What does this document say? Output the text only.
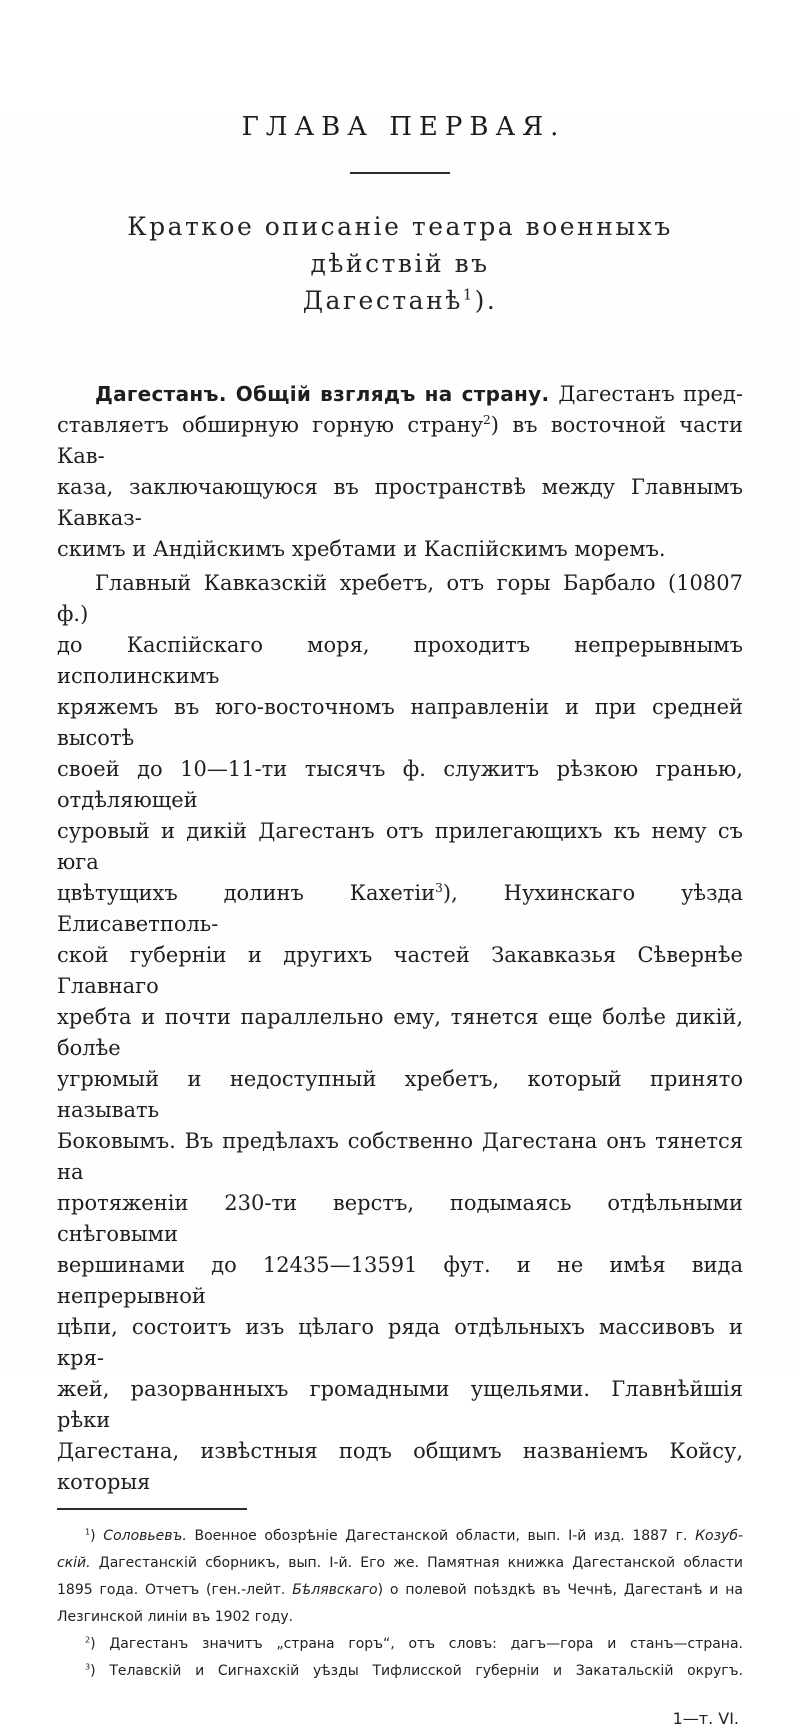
ГЛАВА ПЕРВАЯ.
Краткое описаніе театра военныхъ дѣйствій въ
Дагестанѣ$^1$).
Дагестанъ. Общій взглядъ на страну. Дагестанъ пред-
ставляетъ обширную горную страну$^2$) въ восточной части Кав-
каза, заключающуюся въ пространствѣ между Главнымъ Кавказ-
скимъ и Андійскимъ хребтами и Каспійскимъ моремъ.
Главный Кавказскій хребетъ, отъ горы Барбало (10807 ф.)
до Каспійскаго моря, проходитъ непрерывнымъ исполинскимъ
кряжемъ въ юго-восточномъ направленіи и при средней высотѣ
своей до 10—11-ти тысячъ ф. служитъ рѣзкою гранью, отдѣляющей
суровый и дикій Дагестанъ отъ прилегающихъ къ нему съ юга
цвѣтущихъ долинъ Кахетіи$^3$), Нухинскаго уѣзда Елисаветполь-
ской губерніи и другихъ частей Закавказья Сѣвернѣе Главнаго
хребта и почти параллельно ему, тянется еще болѣе дикій, болѣе
угрюмый и недоступный хребетъ, который принято называть
Боковымъ. Въ предѣлахъ собственно Дагестана онъ тянется на
протяженіи 230-ти верстъ, подымаясь отдѣльными снѣговыми
вершинами до 12435—13591 фут. и не имѣя вида непрерывной
цѣпи, состоитъ изъ цѣлаго ряда отдѣльныхъ массивовъ и кря-
жей, разорванныхъ громадными ущельями. Главнѣйшія рѣки
Дагестана, извѣстныя подъ общимъ названіемъ Койсу, которыя
$^1$) Соловьевъ. Военное обозрѣніе Дагестанской области, вып. I-й изд. 1887 г. Козуб-
скій. Дагестанскій сборникъ, вып. I-й. Его же. Памятная книжка Дагестанской области
1895 года. Отчетъ (ген.-лейт. Бѣлявскаго) о полевой поѣздкѣ въ Чечнѣ, Дагестанѣ и на
Лезгинской линіи въ 1902 году.
$^2$) Дагестанъ значитъ „страна горъ“, отъ словъ: дагъ—гора и станъ—страна.
$^3$) Телавскій и Сигнахскій уѣзды Тифлисской губерніи и Закатальскій округъ.
1—т. VI.
